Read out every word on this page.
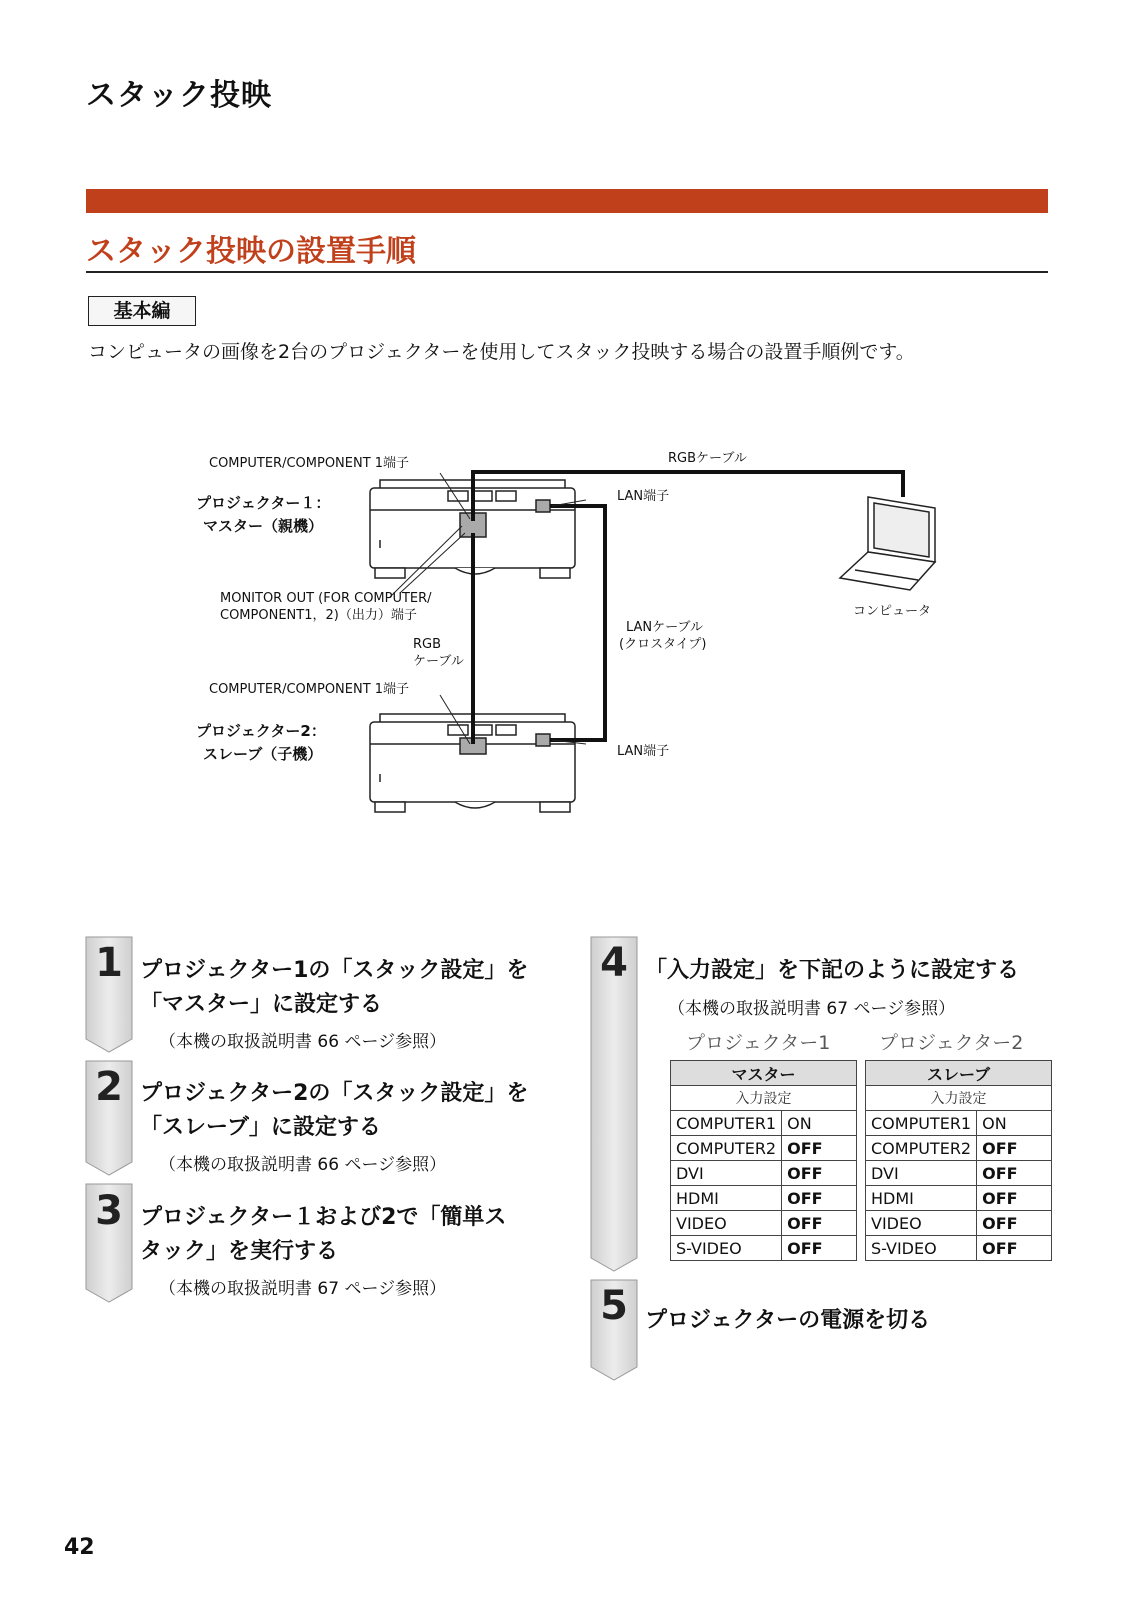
スタック投映
スタック投映の設置手順
基本編
コンピュータの画像を2台のプロジェクターを使用してスタック投映する場合の設置手順例です。
COMPUTER/COMPONENT 1端子	RGBケーブル
プロジェクター１：
マスター（親機）
LAN端子
MONITOR OUT (FOR COMPUTER/
COMPONENT1，2)（出力）端子	コンピュータ
LANケーブル
(クロスタイプ)
RGB
ケーブル
COMPUTER/COMPONENT 1端子
プロジェクター2：
スレーブ（子機）	LAN端子
1 プロジェクター1の「スタック設定」を
「マスター」に設定する
（本機の取扱説明書 66 ページ参照）
2 プロジェクター2の「スタック設定」を
「スレーブ」に設定する
（本機の取扱説明書 66 ページ参照）
3 プロジェクター１および2で「簡単ス
タック」を実行する
（本機の取扱説明書 67 ページ参照）
4 「入力設定」を下記のように設定する
（本機の取扱説明書 67 ページ参照）
プロジェクター1	プロジェクター2
マスター	
入力設定	
COMPUTER1	ON
COMPUTER2	OFF
DVI	OFF
HDMI	OFF
VIDEO	OFF
S-VIDEO	OFF
スレーブ	
入力設定	
COMPUTER1	ON
COMPUTER2	OFF
DVI	OFF
HDMI	OFF
VIDEO	OFF
S-VIDEO	OFF
5 プロジェクターの電源を切る
42
